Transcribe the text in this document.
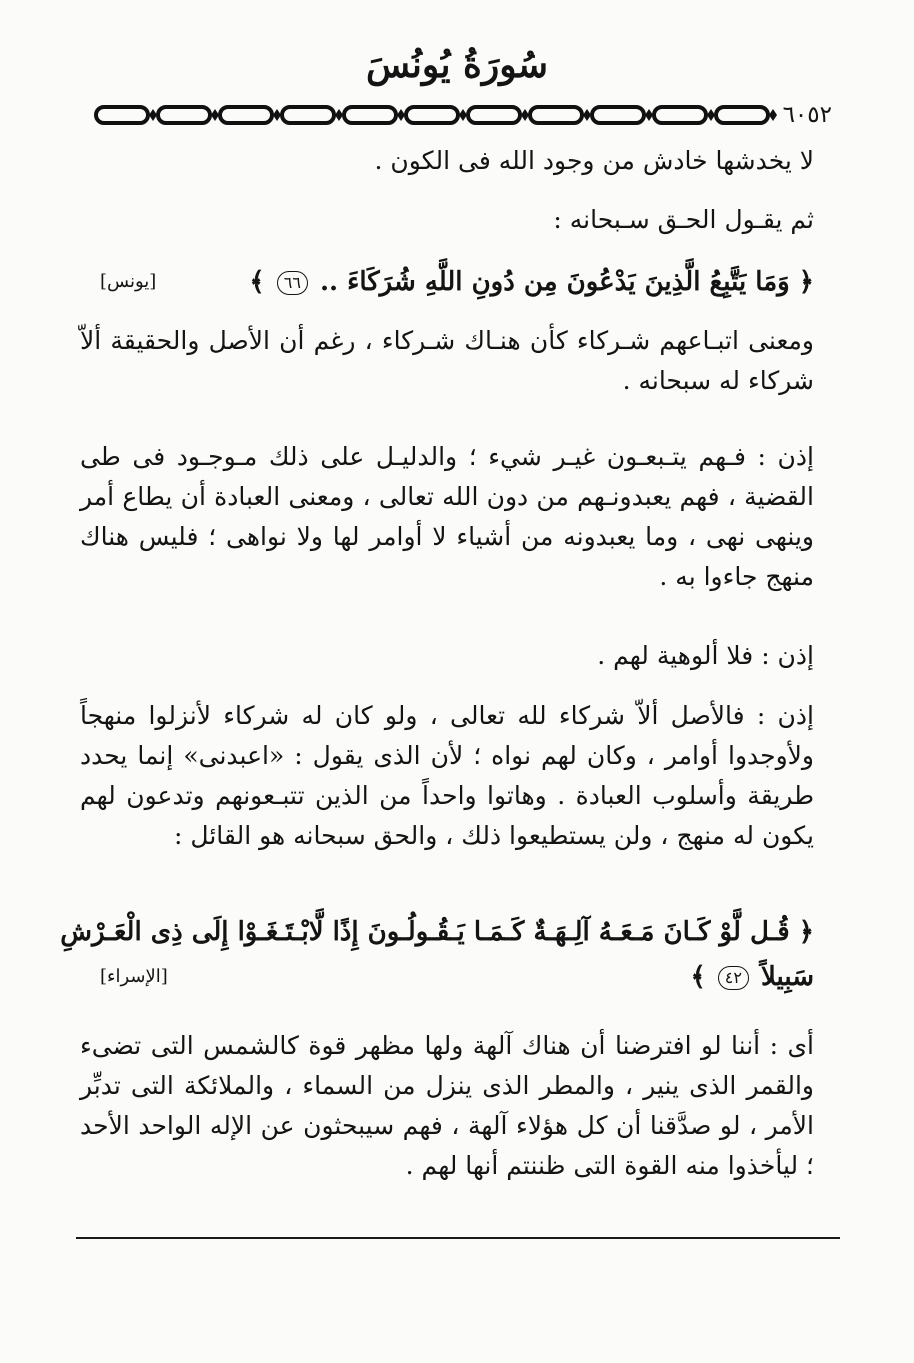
سُورَةُ يُونُسَ
٦٠٥٢

لا يخدشها خادش من وجود الله فى الكون .

ثم يقـول الحـق سـبحانه :

﴿ وَمَا يَتَّبِعُ الَّذِينَ يَدْعُونَ مِن دُونِ اللَّهِ شُرَكَاءَ .. ٦٦ ﴾
[يونس]

ومعنى اتبـاعهم شـركاء كأن هنـاك شـركاء ، رغم أن الأصل والحقيقة ألاّ شركاء له سبحانه .

إذن : فـهم يتـبعـون غيـر شيء ؛ والدليـل على ذلك مـوجـود فى طى القضية ، فهم يعبدونـهم من دون الله تعالى ، ومعنى العبادة أن يطاع أمر وينهى نهى ، وما يعبدونه من أشياء لا أوامر لها ولا نواهى ؛ فليس هناك منهج جاءوا به .

إذن : فلا ألوهية لهم .

إذن : فالأصل ألاّ شركاء لله تعالى ، ولو كان له شركاء لأنزلوا منهجاً ولأوجدوا أوامر ، وكان لهم نواه ؛ لأن الذى يقول : «اعبدنى» إنما يحدد طريقة وأسلوب العبادة . وهاتوا واحداً من الذين تتبـعونهم وتدعون لهم يكون له منهج ، ولن يستطيعوا ذلك ، والحق سبحانه هو القائل :

﴿ قُـل لَّوْ كَـانَ مَـعَـهُ آلِـهَـةٌ كَـمَـا يَـقُـولُـونَ إِذًا لَّابْـتَـغَـوْا إِلَى ذِى الْعَـرْشِ
سَبِيلاً ٤٢ ﴾
[الإسراء]

أى : أننا لو افترضنا أن هناك آلهة ولها مظهر قوة كالشمس التى تضىء والقمر الذى ينير ، والمطر الذى ينزل من السماء ، والملائكة التى تدبِّر الأمر ، لو صدَّقنا أن كل هؤلاء آلهة ، فهم سيبحثون عن الإله الواحد الأحد ؛ ليأخذوا منه القوة التى ظننتم أنها لهم .
